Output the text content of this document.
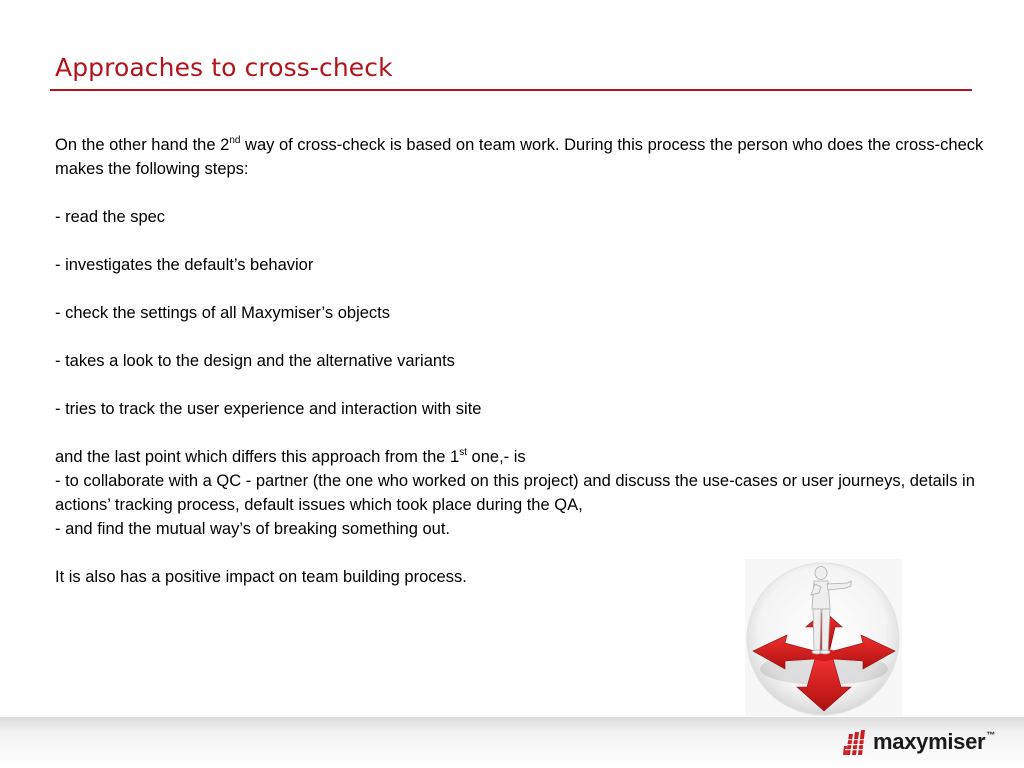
Approaches to cross-check

On the other hand the 2nd way of cross-check is based on team work. During this process the person who does the cross-check makes the following steps:

- read the spec

- investigates the default’s behavior

- check the settings of all Maxymiser’s objects

- takes a look to the design and the alternative variants

- tries to track the user experience and interaction with site

and the last point which differs this approach from the 1st one,- is

- to collaborate with a QC - partner (the one who worked on this project) and discuss the use-cases or user journeys, details in actions’ tracking process, default issues which took place during the QA,

- and find the mutual way’s of breaking something out.

It is also has a positive impact on team building process.

maxymiser™
